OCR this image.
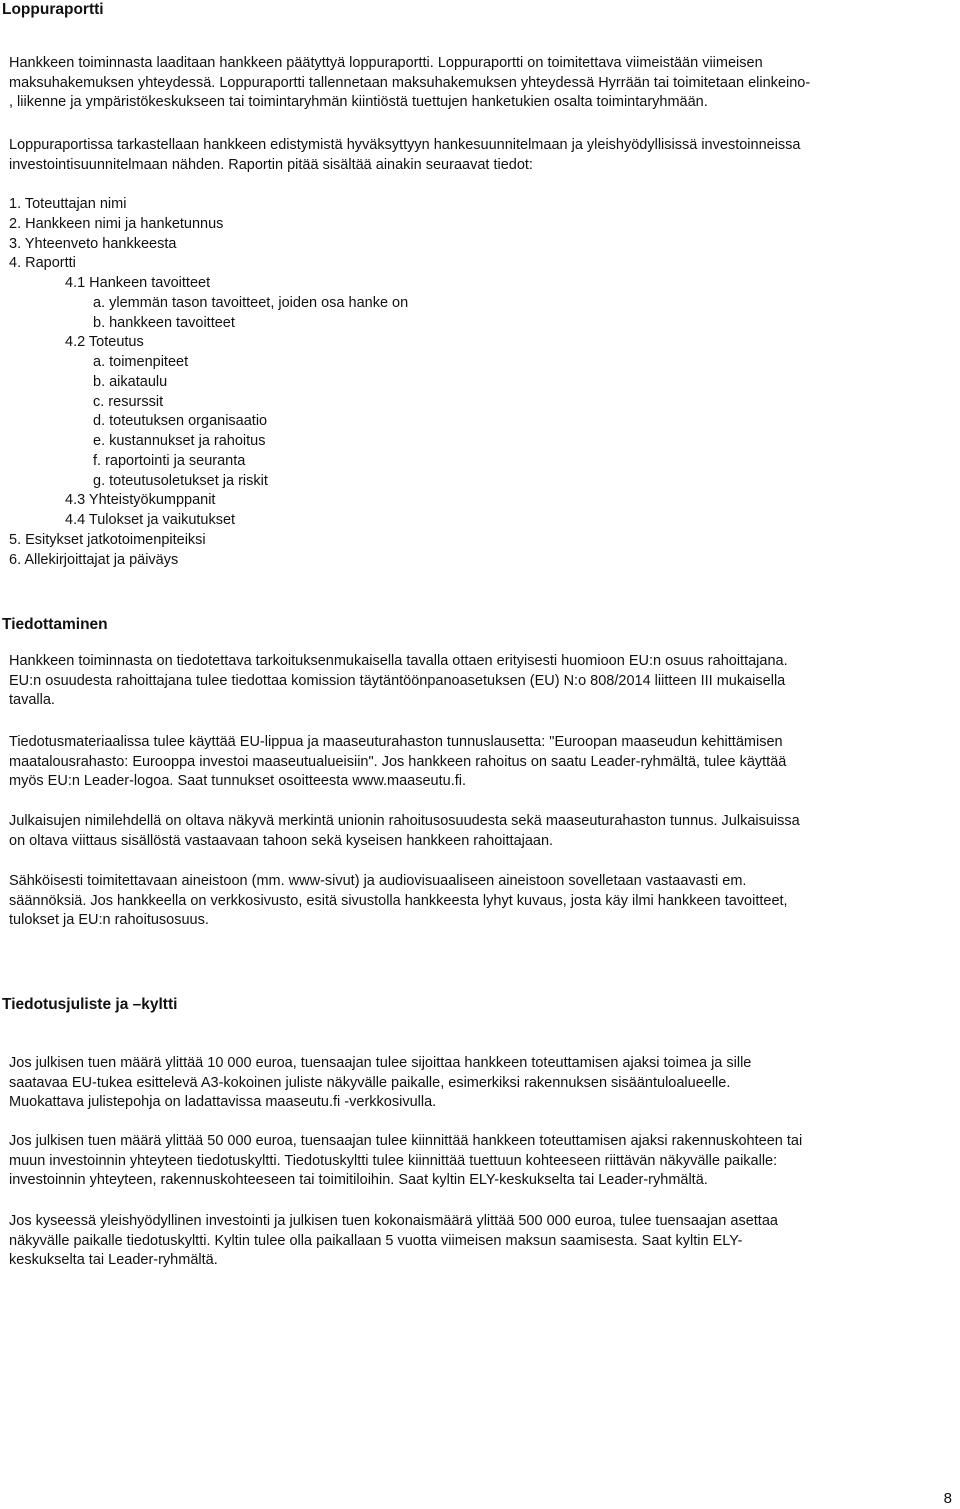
Loppuraportti

Hankkeen toiminnasta laaditaan hankkeen päätyttyä loppuraportti. Loppuraportti on toimitettava viimeistään viimeisen
maksuhakemuksen yhteydessä. Loppuraportti tallennetaan maksuhakemuksen yhteydessä Hyrrään tai toimitetaan elinkeino-
, liikenne ja ympäristökeskukseen tai toimintaryhmän kiintiöstä tuettujen hanketukien osalta toimintaryhmään.

Loppuraportissa tarkastellaan hankkeen edistymistä hyväksyttyyn hankesuunnitelmaan ja yleishyödyllisissä investoinneissa
investointisuunnitelmaan nähden. Raportin pitää sisältää ainakin seuraavat tiedot:

1. Toteuttajan nimi
2. Hankkeen nimi ja hanketunnus
3. Yhteenveto hankkeesta
4. Raportti
4.1 Hankeen tavoitteet
a. ylemmän tason tavoitteet, joiden osa hanke on
b. hankkeen tavoitteet
4.2 Toteutus
a. toimenpiteet
b. aikataulu
c. resurssit
d. toteutuksen organisaatio
e. kustannukset ja rahoitus
f. raportointi ja seuranta
g. toteutusoletukset ja riskit
4.3 Yhteistyökumppanit
4.4 Tulokset ja vaikutukset
5. Esitykset jatkotoimenpiteiksi
6. Allekirjoittajat ja päiväys
Tiedottaminen

Hankkeen toiminnasta on tiedotettava tarkoituksenmukaisella tavalla ottaen erityisesti huomioon EU:n osuus rahoittajana.
EU:n osuudesta rahoittajana tulee tiedottaa komission täytäntöönpanoasetuksen (EU) N:o 808/2014 liitteen III mukaisella
tavalla.

Tiedotusmateriaalissa tulee käyttää EU-lippua ja maaseuturahaston tunnuslausetta: "Euroopan maaseudun kehittämisen
maatalousrahasto: Eurooppa investoi maaseutualueisiin". Jos hankkeen rahoitus on saatu Leader-ryhmältä, tulee käyttää
myös EU:n Leader-logoa. Saat tunnukset osoitteesta www.maaseutu.fi.

Julkaisujen nimilehdellä on oltava näkyvä merkintä unionin rahoitusosuudesta sekä maaseuturahaston tunnus. Julkaisuissa
on oltava viittaus sisällöstä vastaavaan tahoon sekä kyseisen hankkeen rahoittajaan.

Sähköisesti toimitettavaan aineistoon (mm. www-sivut) ja audiovisuaaliseen aineistoon sovelletaan vastaavasti em.
säännöksiä. Jos hankkeella on verkkosivusto, esitä sivustolla hankkeesta lyhyt kuvaus, josta käy ilmi hankkeen tavoitteet,
tulokset ja EU:n rahoitusosuus.

Tiedotusjuliste ja –kyltti

Jos julkisen tuen määrä ylittää 10 000 euroa, tuensaajan tulee sijoittaa hankkeen toteuttamisen ajaksi toimea ja sille
saatavaa EU-tukea esittelevä A3-kokoinen juliste näkyvälle paikalle, esimerkiksi rakennuksen sisääntuloalueelle.
Muokattava julistepohja on ladattavissa maaseutu.fi -verkkosivulla.

Jos julkisen tuen määrä ylittää 50 000 euroa, tuensaajan tulee kiinnittää hankkeen toteuttamisen ajaksi rakennuskohteen tai
muun investoinnin yhteyteen tiedotuskyltti. Tiedotuskyltti tulee kiinnittää tuettuun kohteeseen riittävän näkyvälle paikalle:
investoinnin yhteyteen, rakennuskohteeseen tai toimitiloihin. Saat kyltin ELY-keskukselta tai Leader-ryhmältä.

Jos kyseessä yleishyödyllinen investointi ja julkisen tuen kokonaismäärä ylittää 500 000 euroa, tulee tuensaajan asettaa
näkyvälle paikalle tiedotuskyltti. Kyltin tulee olla paikallaan 5 vuotta viimeisen maksun saamisesta. Saat kyltin ELY-
keskukselta tai Leader-ryhmältä.

8
